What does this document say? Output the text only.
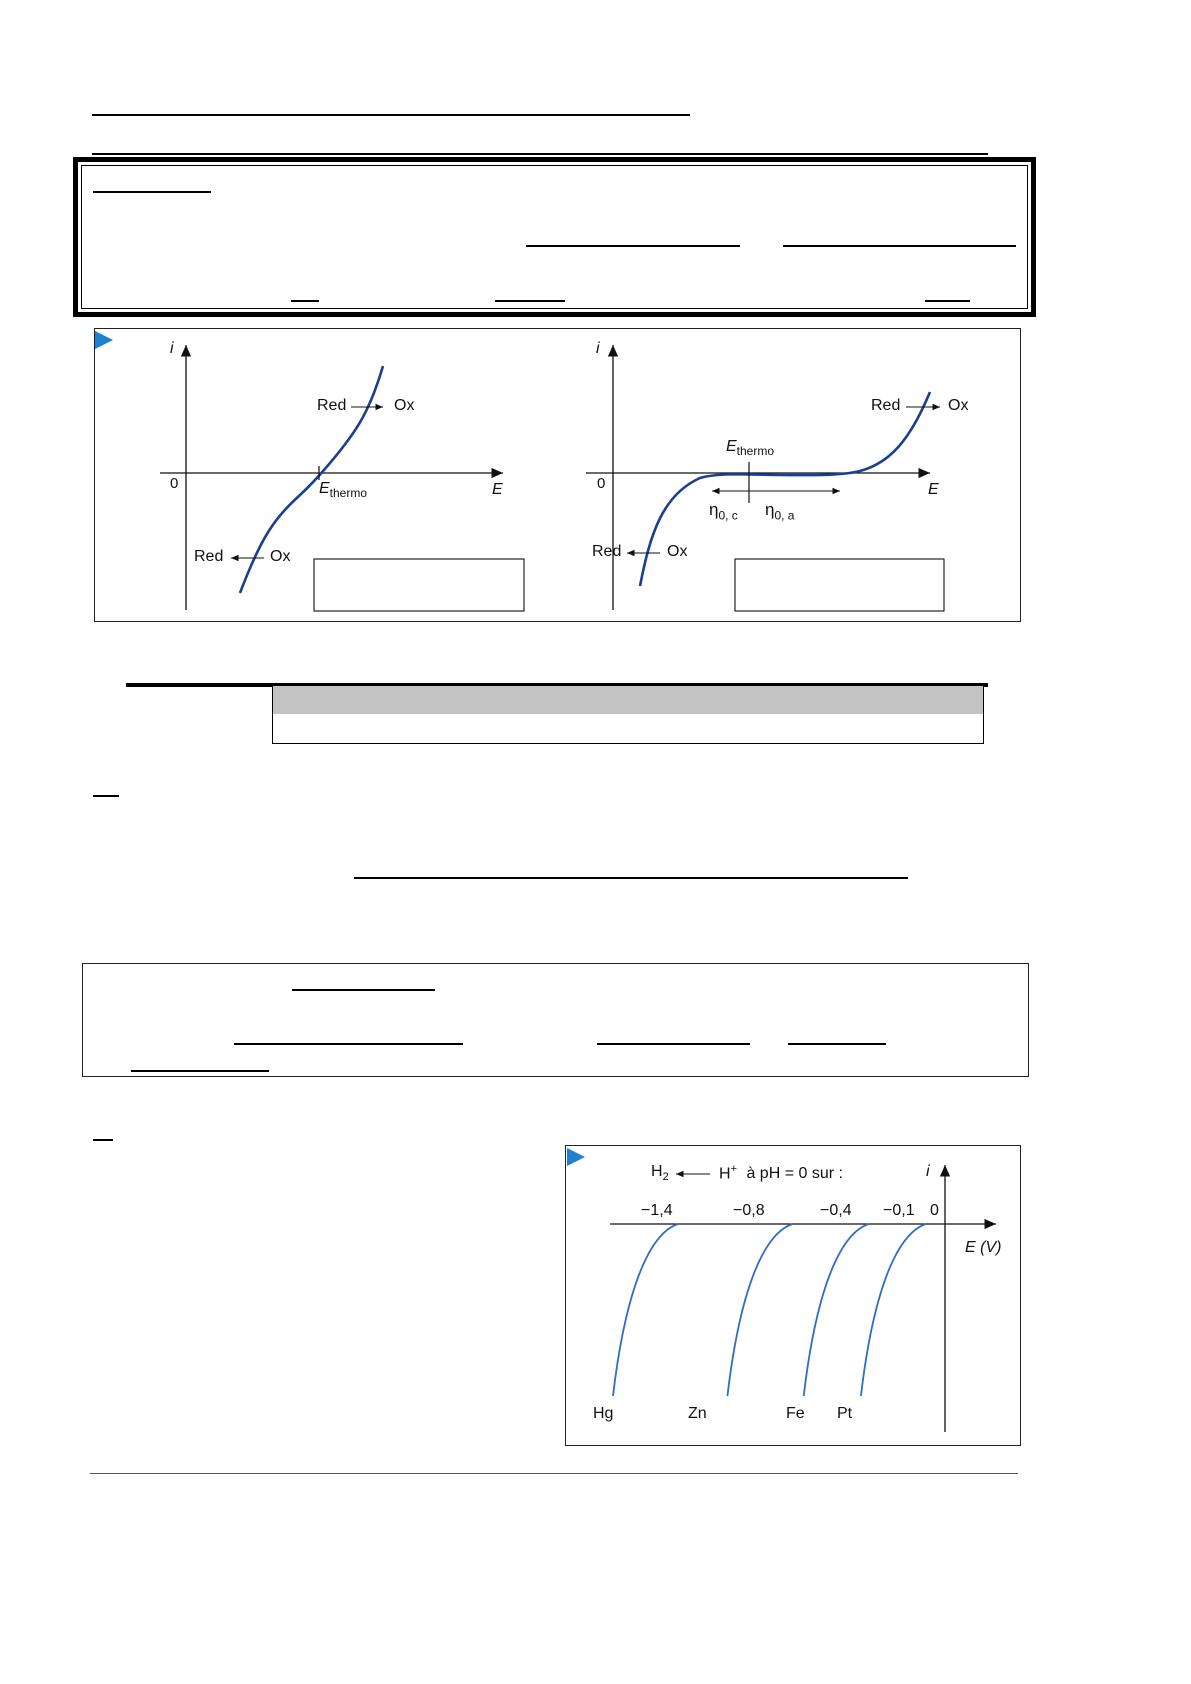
i
E
0
Red	Ox
Red	Ox
$E_{thermo}$
i
E
0
Red	Ox
Red	Ox
$E_{thermo}$
$\eta_{0, c}$ $\eta_{0, a}$
$H_2$	H+ à pH = 0 sur :	i
E (V)
−1,4	−0,8	−0,4 −0,1 0
Hg	Zn	Fe Pt
